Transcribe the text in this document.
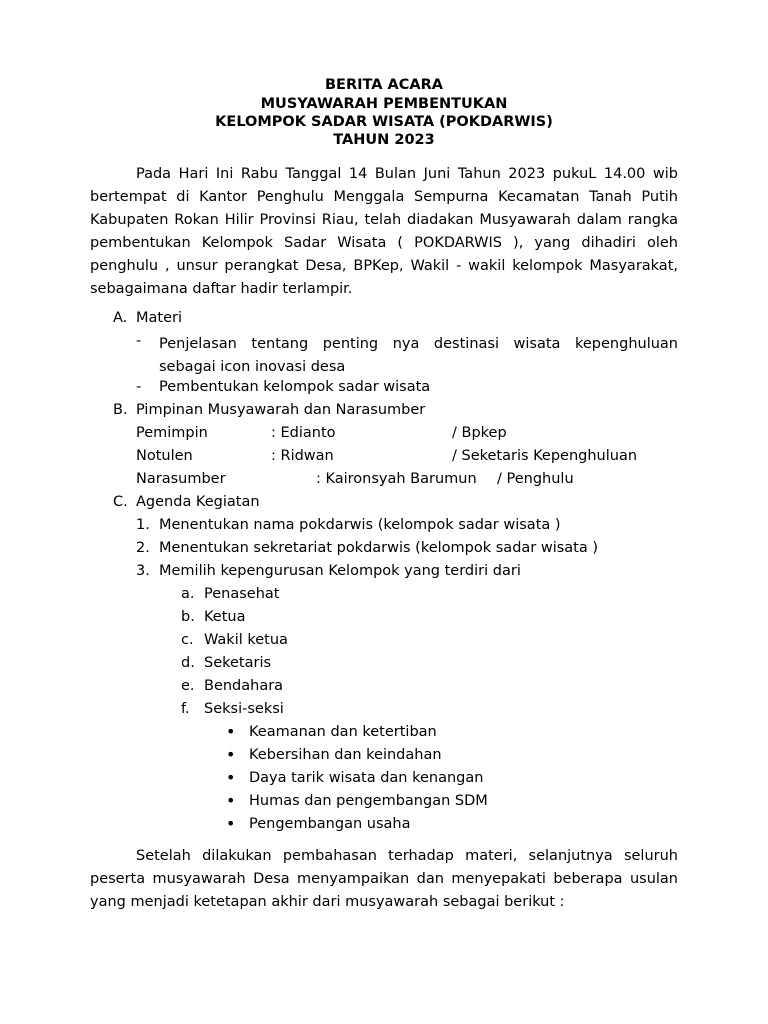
BERITA ACARA
MUSYAWARAH PEMBENTUKAN
KELOMPOK SADAR WISATA (POKDARWIS)
TAHUN 2023
Pada Hari Ini Rabu Tanggal 14 Bulan Juni Tahun 2023 pukuL 14.00 wib bertempat di Kantor Penghulu Menggala Sempurna Kecamatan Tanah Putih Kabupaten Rokan Hilir Provinsi Riau, telah diadakan Musyawarah dalam rangka pembentukan Kelompok Sadar Wisata ( POKDARWIS ), yang dihadiri oleh penghulu , unsur perangkat Desa, BPKep, Wakil - wakil kelompok Masyarakat, sebagaimana daftar hadir terlampir.
A. Materi
- Penjelasan tentang penting nya destinasi wisata kepenghuluan sebagai icon inovasi desa
- Pembentukan kelompok sadar wisata
B. Pimpinan Musyawarah dan Narasumber
Pemimpin	: Edianto	/ Bpkep
Notulen	: Ridwan	/ Seketaris Kepenghuluan
Narasumber	: Kaironsyah Barumun / Penghulu
C. Agenda Kegiatan
1. Menentukan nama pokdarwis (kelompok sadar wisata )
2. Menentukan sekretariat pokdarwis (kelompok sadar wisata )
3. Memilih kepengurusan Kelompok yang terdiri dari
a. Penasehat
b. Ketua
c. Wakil ketua
d. Seketaris
e. Bendahara
f. Seksi-seksi
• Keamanan dan ketertiban
• Kebersihan dan keindahan
• Daya tarik wisata dan kenangan
• Humas dan pengembangan SDM
• Pengembangan usaha
Setelah dilakukan pembahasan terhadap materi, selanjutnya seluruh peserta musyawarah Desa menyampaikan dan menyepakati beberapa usulan yang menjadi ketetapan akhir dari musyawarah sebagai berikut :
